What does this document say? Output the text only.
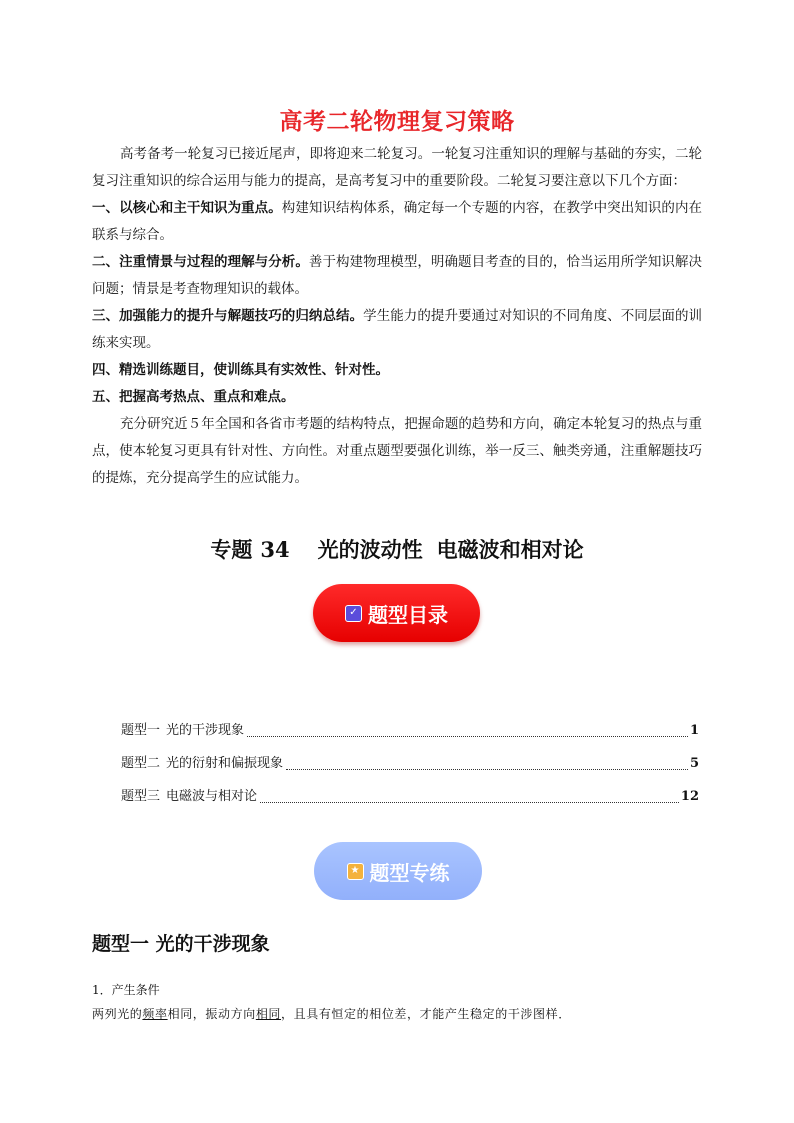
高考二轮物理复习策略

高考备考一轮复习已接近尾声，即将迎来二轮复习。一轮复习注重知识的理解与基础的夯实，二轮复习注重知识的综合运用与能力的提高，是高考复习中的重要阶段。二轮复习要注意以下几个方面：

一、以核心和主干知识为重点。构建知识结构体系，确定每一个专题的内容，在教学中突出知识的内在联系与综合。

二、注重情景与过程的理解与分析。善于构建物理模型，明确题目考查的目的，恰当运用所学知识解决问题；情景是考查物理知识的载体。

三、加强能力的提升与解题技巧的归纳总结。学生能力的提升要通过对知识的不同角度、不同层面的训练来实现。

四、精选训练题目，使训练具有实效性、针对性。

五、把握高考热点、重点和难点。

充分研究近５年全国和各省市考题的结构特点，把握命题的趋势和方向，确定本轮复习的热点与重点，使本轮复习更具有针对性、方向性。对重点题型要强化训练，举一反三、触类旁通，注重解题技巧的提炼，充分提高学生的应试能力。

专题 34 光的波动性 电磁波和相对论
✓ 题型目录
题型一 光的干涉现象	1
题型二 光的衍射和偏振现象	5
题型三 电磁波与相对论	12
★ 题型专练
题型一 光的干涉现象
1．产生条件
两列光的频率相同，振动方向相同，且具有恒定的相位差，才能产生稳定的干涉图样．
